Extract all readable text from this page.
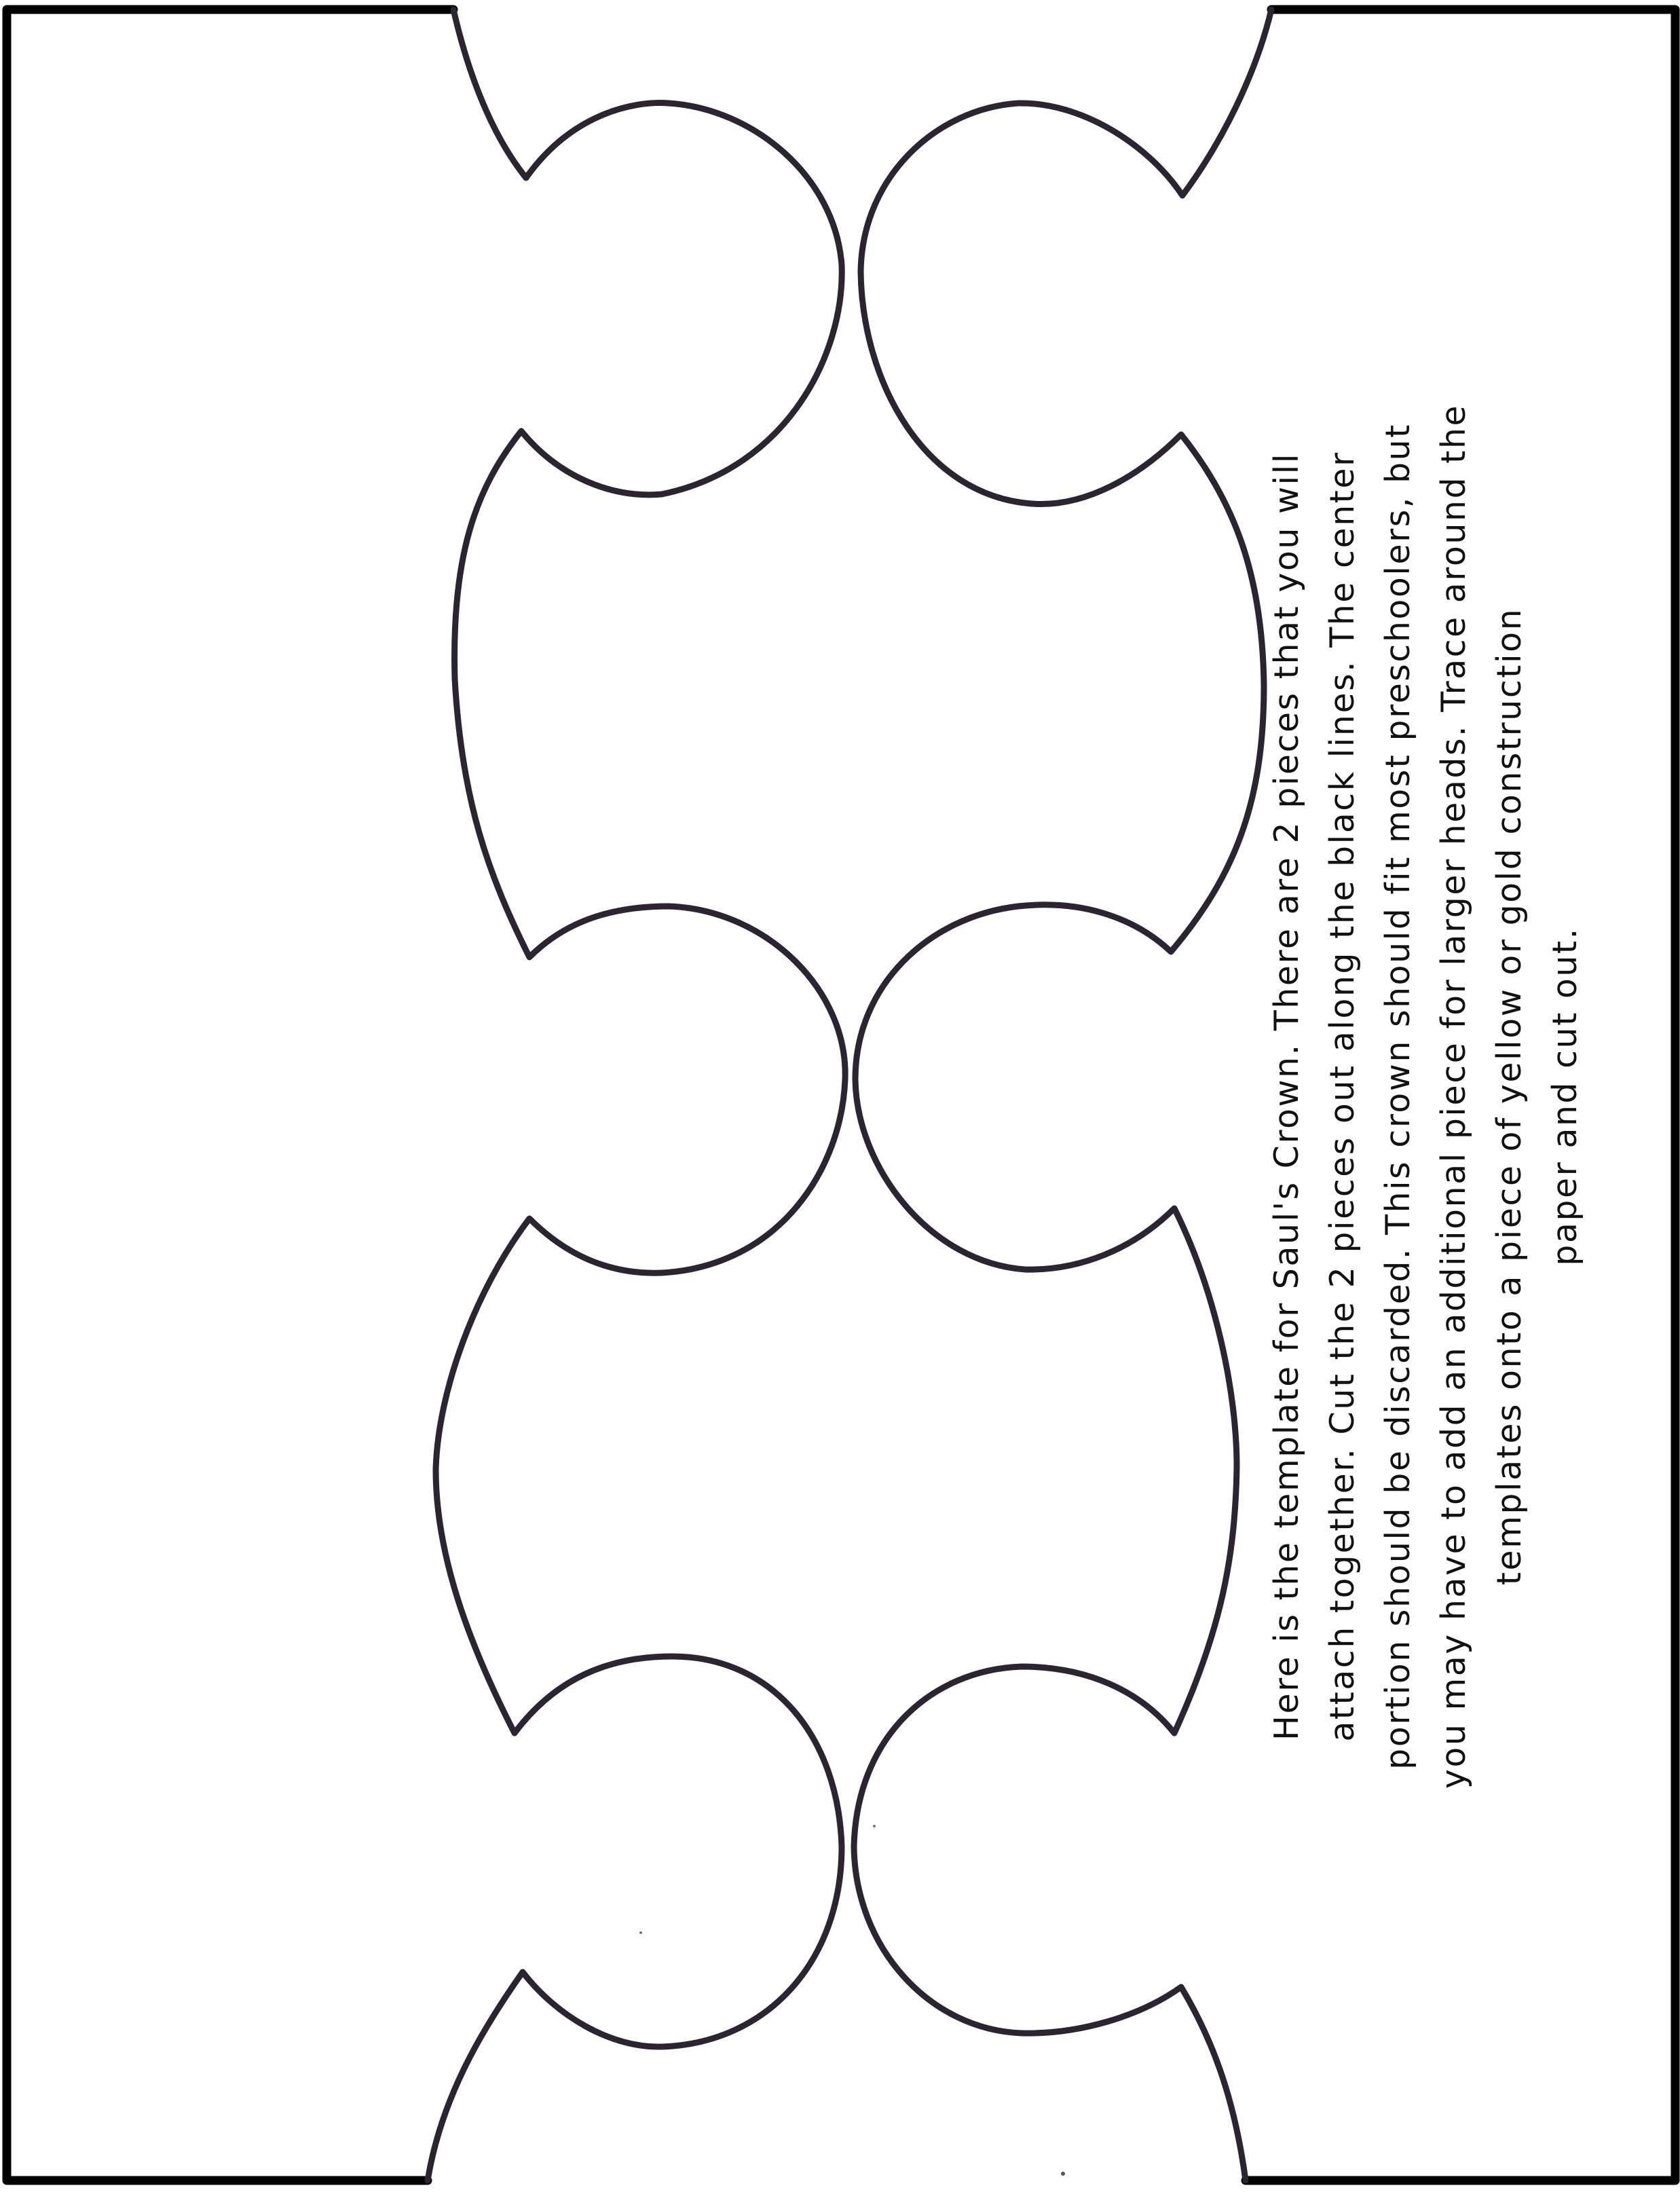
Here is the template for Saul's Crown. There are 2 pieces that you will attach together. Cut the 2 pieces out along the black lines. The center portion should be discarded. This crown should fit most preschoolers, but you may have to add an additional piece for larger heads. Trace around the templates onto a piece of yellow or gold construction paper and cut out.
